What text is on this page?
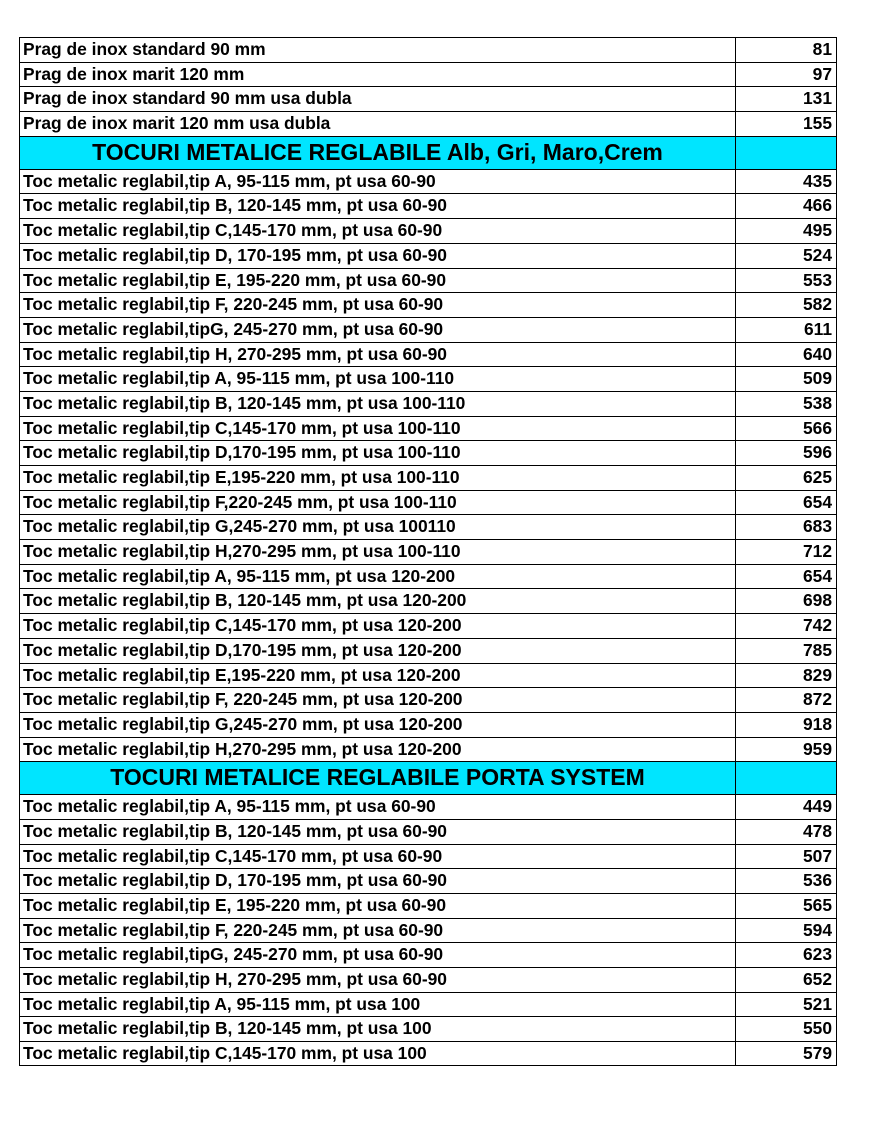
Prag de inox standard 90 mm	81
Prag de inox marit 120 mm	97
Prag de inox standard 90 mm usa dubla	131
Prag de inox marit 120 mm usa dubla	155
TOCURI METALICE REGLABILE Alb, Gri, Maro,Crem
Toc metalic reglabil,tip A, 95-115 mm, pt usa 60-90	435
Toc metalic reglabil,tip B, 120-145 mm, pt usa 60-90	466
Toc metalic reglabil,tip C,145-170 mm, pt usa 60-90	495
Toc metalic reglabil,tip D, 170-195 mm, pt usa 60-90	524
Toc metalic reglabil,tip E, 195-220 mm, pt usa 60-90	553
Toc metalic reglabil,tip F, 220-245 mm, pt usa 60-90	582
Toc metalic reglabil,tipG, 245-270 mm, pt usa 60-90	611
Toc metalic reglabil,tip H, 270-295 mm, pt usa 60-90	640
Toc metalic reglabil,tip A, 95-115 mm, pt usa 100-110	509
Toc metalic reglabil,tip B, 120-145 mm, pt usa 100-110	538
Toc metalic reglabil,tip C,145-170 mm, pt usa 100-110	566
Toc metalic reglabil,tip D,170-195 mm, pt usa 100-110	596
Toc metalic reglabil,tip E,195-220 mm, pt usa 100-110	625
Toc metalic reglabil,tip F,220-245 mm, pt usa 100-110	654
Toc metalic reglabil,tip G,245-270 mm, pt usa 100110	683
Toc metalic reglabil,tip H,270-295 mm, pt usa 100-110	712
Toc metalic reglabil,tip A, 95-115 mm, pt usa 120-200	654
Toc metalic reglabil,tip B, 120-145 mm, pt usa 120-200	698
Toc metalic reglabil,tip C,145-170 mm, pt usa 120-200	742
Toc metalic reglabil,tip D,170-195 mm, pt usa 120-200	785
Toc metalic reglabil,tip E,195-220 mm, pt usa 120-200	829
Toc metalic reglabil,tip F, 220-245 mm, pt usa 120-200	872
Toc metalic reglabil,tip G,245-270 mm, pt usa 120-200	918
Toc metalic reglabil,tip H,270-295 mm, pt usa 120-200	959
TOCURI METALICE REGLABILE PORTA SYSTEM
Toc metalic reglabil,tip A, 95-115 mm, pt usa 60-90	449
Toc metalic reglabil,tip B, 120-145 mm, pt usa 60-90	478
Toc metalic reglabil,tip C,145-170 mm, pt usa 60-90	507
Toc metalic reglabil,tip D, 170-195 mm, pt usa 60-90	536
Toc metalic reglabil,tip E, 195-220 mm, pt usa 60-90	565
Toc metalic reglabil,tip F, 220-245 mm, pt usa 60-90	594
Toc metalic reglabil,tipG, 245-270 mm, pt usa 60-90	623
Toc metalic reglabil,tip H, 270-295 mm, pt usa 60-90	652
Toc metalic reglabil,tip A, 95-115 mm, pt usa 100	521
Toc metalic reglabil,tip B, 120-145 mm, pt usa 100	550
Toc metalic reglabil,tip C,145-170 mm, pt usa 100	579
